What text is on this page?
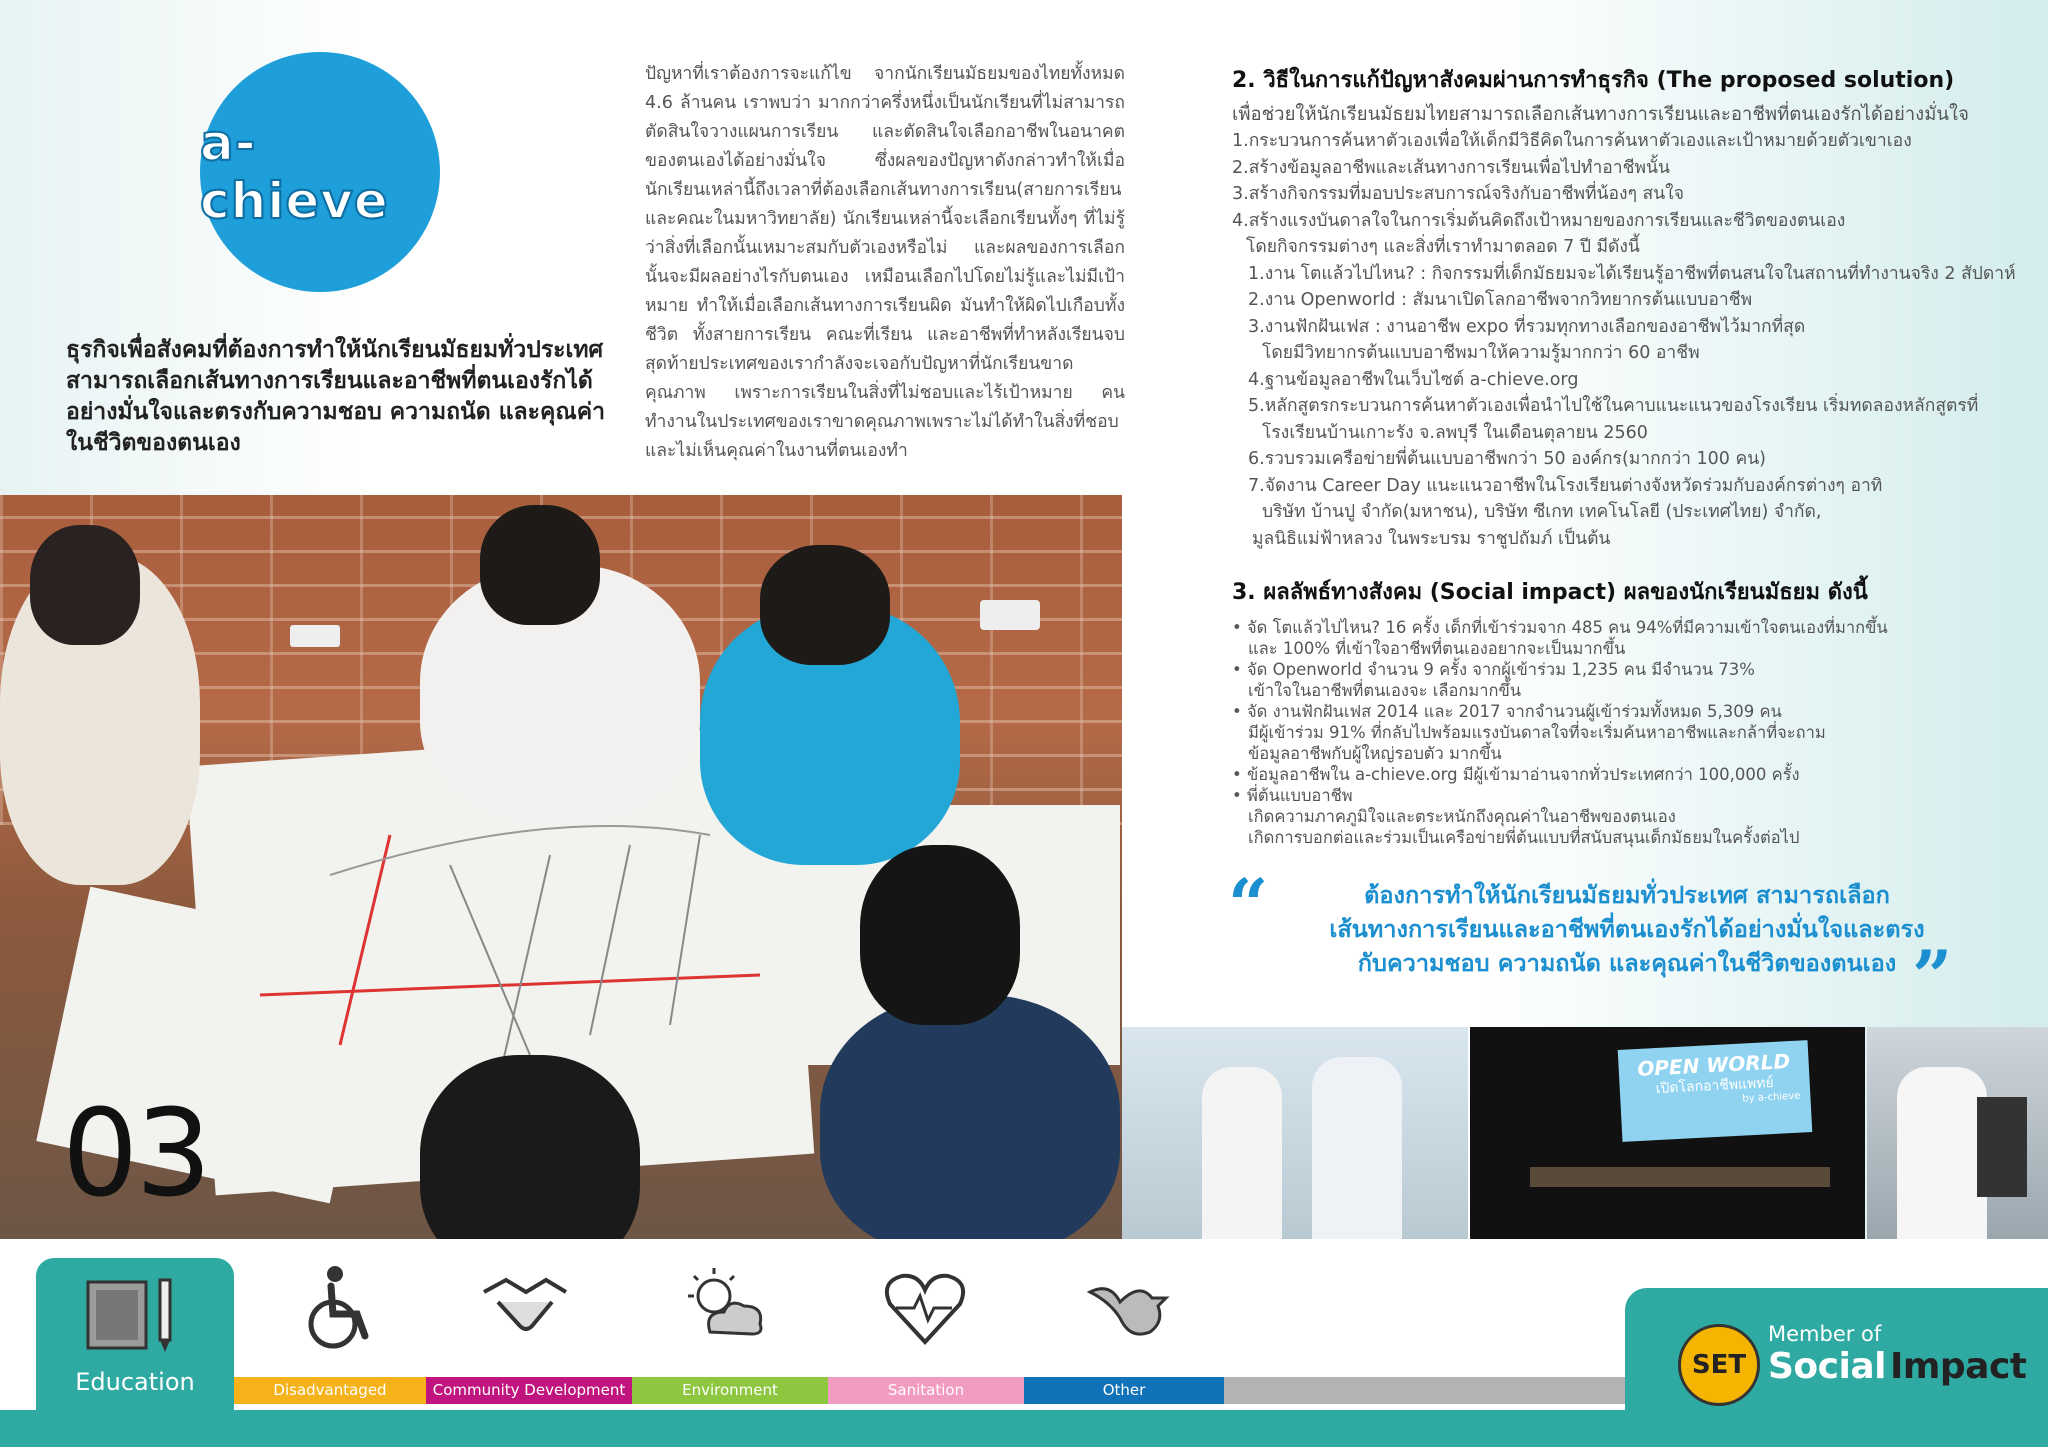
a-chieve
ธุรกิจเพื่อสังคมที่ต้องการทำให้นักเรียนมัธยมทั่วประเทศ สามารถเลือกเส้นทางการเรียนและอาชีพที่ตนเองรักได้อย่างมั่นใจและตรงกับความชอบ ความถนัด และคุณค่าในชีวิตของตนเอง
ปัญหาที่เราต้องการจะแก้ไข จากนักเรียนมัธยมของไทยทั้งหมด 4.6 ล้านคน เราพบว่า มากกว่าครึ่งหนึ่งเป็นนักเรียนที่ไม่สามารถตัดสินใจวางแผนการเรียน และตัดสินใจเลือกอาชีพในอนาคตของตนเองได้อย่างมั่นใจ ซึ่งผลของปัญหาดังกล่าวทำให้เมื่อนักเรียนเหล่านี้ถึงเวลาที่ต้องเลือกเส้นทางการเรียน(สายการเรียน และคณะในมหาวิทยาลัย) นักเรียนเหล่านี้จะเลือกเรียนทั้งๆ ที่ไม่รู้ว่าสิ่งที่เลือกนั้นเหมาะสมกับตัวเองหรือไม่ และผลของการเลือกนั้นจะมีผลอย่างไรกับตนเอง เหมือนเลือกไปโดยไม่รู้และไม่มีเป้าหมาย ทำให้เมื่อเลือกเส้นทางการเรียนผิด มันทำให้ผิดไปเกือบทั้งชีวิต ทั้งสายการเรียน คณะที่เรียน และอาชีพที่ทำหลังเรียนจบ สุดท้ายประเทศของเรากำลังจะเจอกับปัญหาที่นักเรียนขาดคุณภาพ เพราะการเรียนในสิ่งที่ไม่ชอบและไร้เป้าหมาย คนทำงานในประเทศของเราขาดคุณภาพเพราะไม่ได้ทำในสิ่งที่ชอบและไม่เห็นคุณค่าในงานที่ตนเองทำ
2. วิธีในการแก้ปัญหาสังคมผ่านการทำธุรกิจ (The proposed solution)
เพื่อช่วยให้นักเรียนมัธยมไทยสามารถเลือกเส้นทางการเรียนและอาชีพที่ตนเองรักได้อย่างมั่นใจ
1.กระบวนการค้นหาตัวเองเพื่อให้เด็กมีวิธีคิดในการค้นหาตัวเองและเป้าหมายด้วยตัวเขาเอง
2.สร้างข้อมูลอาชีพและเส้นทางการเรียนเพื่อไปทำอาชีพนั้น
3.สร้างกิจกรรมที่มอบประสบการณ์จริงกับอาชีพที่น้องๆ สนใจ
4.สร้างแรงบันดาลใจในการเริ่มต้นคิดถึงเป้าหมายของการเรียนและชีวิตของตนเอง
โดยกิจกรรมต่างๆ และสิ่งที่เราทำมาตลอด 7 ปี มีดังนี้
1.งาน โตแล้วไปไหน? : กิจกรรมที่เด็กมัธยมจะได้เรียนรู้อาชีพที่ตนสนใจในสถานที่ทำงานจริง 2 สัปดาห์
2.งาน Openworld : สัมนาเปิดโลกอาชีพจากวิทยากรต้นแบบอาชีพ
3.งานฟักฝันเฟส : งานอาชีพ expo ที่รวมทุกทางเลือกของอาชีพไว้มากที่สุด
โดยมีวิทยากรต้นแบบอาชีพมาให้ความรู้มากกว่า 60 อาชีพ
4.ฐานข้อมูลอาชีพในเว็บไซต์ a-chieve.org
5.หลักสูตรกระบวนการค้นหาตัวเองเพื่อนำไปใช้ในคาบแนะแนวของโรงเรียน เริ่มทดลองหลักสูตรที่
โรงเรียนบ้านเกาะรัง จ.ลพบุรี ในเดือนตุลายน 2560
6.รวบรวมเครือข่ายพี่ต้นแบบอาชีพกว่า 50 องค์กร(มากกว่า 100 คน)
7.จัดงาน Career Day แนะแนวอาชีพในโรงเรียนต่างจังหวัดร่วมกับองค์กรต่างๆ อาทิ
บริษัท บ้านปู จำกัด(มหาชน), บริษัท ซีเกท เทคโนโลยี (ประเทศไทย) จำกัด,
มูลนิธิแม่ฟ้าหลวง ในพระบรม ราชูปถัมภ์ เป็นต้น
3. ผลลัพธ์ทางสังคม (Social impact) ผลของนักเรียนมัธยม ดังนี้
• จัด โตแล้วไปไหน? 16 ครั้ง เด็กที่เข้าร่วมจาก 485 คน 94%ที่มีความเข้าใจตนเองที่มากขึ้น
และ 100% ที่เข้าใจอาชีพที่ตนเองอยากจะเป็นมากขึ้น
• จัด Openworld จำนวน 9 ครั้ง จากผู้เข้าร่วม 1,235 คน มีจำนวน 73%
เข้าใจในอาชีพที่ตนเองจะ เลือกมากขึ้น
• จัด งานฟักฝันเฟส 2014 และ 2017 จากจำนวนผู้เข้าร่วมทั้งหมด 5,309 คน
มีผู้เข้าร่วม 91% ที่กลับไปพร้อมแรงบันดาลใจที่จะเริ่มค้นหาอาชีพและกล้าที่จะถาม
ข้อมูลอาชีพกับผู้ใหญ่รอบตัว มากขึ้น
• ข้อมูลอาชีพใน a-chieve.org มีผู้เข้ามาอ่านจากทั่วประเทศกว่า 100,000 ครั้ง
• พี่ต้นแบบอาชีพ
เกิดความภาคภูมิใจและตระหนักถึงคุณค่าในอาชีพของตนเอง
เกิดการบอกต่อและร่วมเป็นเครือข่ายพี่ต้นแบบที่สนับสนุนเด็กมัธยมในครั้งต่อไป
“	ต้องการทำให้นักเรียนมัธยมทั่วประเทศ สามารถเลือก
เส้นทางการเรียนและอาชีพที่ตนเองรักได้อย่างมั่นใจและตรง
กับความชอบ ความถนัด และคุณค่าในชีวิตของตนเอง ”
03
OPEN WORLD
เปิดโลกอาชีพแพทย์
by a-chieve
Education	Disadvantaged	Community Development	Environment	Sanitation	Other
SET
Member of
Social Impact
